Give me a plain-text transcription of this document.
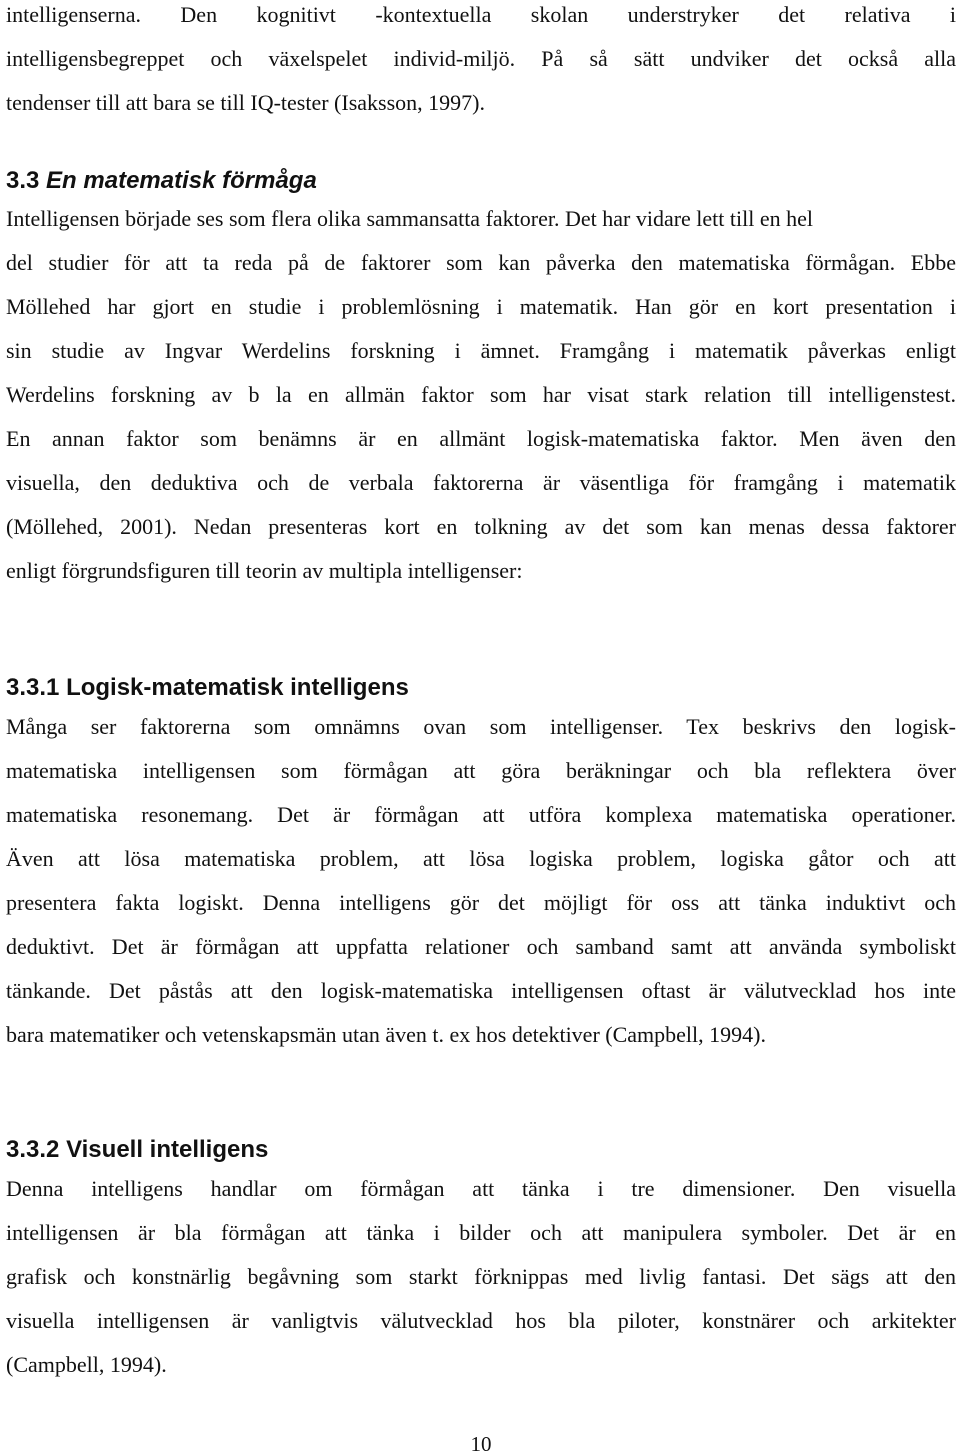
intelligenserna. Den kognitivt -kontextuella skolan understryker det relativa i
intelligensbegreppet och växelspelet individ-miljö. På så sätt undviker det också alla
tendenser till att bara se till IQ-tester (Isaksson, 1997).

3.3 En matematisk förmåga

Intelligensen började ses som flera olika sammansatta faktorer. Det har vidare lett till en hel
del studier för att ta reda på de faktorer som kan påverka den matematiska förmågan. Ebbe
Möllehed har gjort en studie i problemlösning i matematik. Han gör en kort presentation i
sin studie av Ingvar Werdelins forskning i ämnet. Framgång i matematik påverkas enligt
Werdelins forskning av b la en allmän faktor som har visat stark relation till intelligenstest.
En annan faktor som benämns är en allmänt logisk-matematiska faktor. Men även den
visuella, den deduktiva och de verbala faktorerna är väsentliga för framgång i matematik
(Möllehed, 2001). Nedan presenteras kort en tolkning av det som kan menas dessa faktorer
enligt förgrundsfiguren till teorin av multipla intelligenser:

3.3.1 Logisk-matematisk intelligens

Många ser faktorerna som omnämns ovan som intelligenser. Tex beskrivs den logisk-
matematiska intelligensen som förmågan att göra beräkningar och bla reflektera över
matematiska resonemang. Det är förmågan att utföra komplexa matematiska operationer.
Även att lösa matematiska problem, att lösa logiska problem, logiska gåtor och att
presentera fakta logiskt. Denna intelligens gör det möjligt för oss att tänka induktivt och
deduktivt. Det är förmågan att uppfatta relationer och samband samt att använda symboliskt
tänkande. Det påstås att den logisk-matematiska intelligensen oftast är välutvecklad hos inte
bara matematiker och vetenskapsmän utan även t. ex hos detektiver (Campbell, 1994).

3.3.2 Visuell intelligens

Denna intelligens handlar om förmågan att tänka i tre dimensioner. Den visuella
intelligensen är bla förmågan att tänka i bilder och att manipulera symboler. Det är en
grafisk och konstnärlig begåvning som starkt förknippas med livlig fantasi. Det sägs att den
visuella intelligensen är vanligtvis välutvecklad hos bla piloter, konstnärer och arkitekter
(Campbell, 1994).

10
